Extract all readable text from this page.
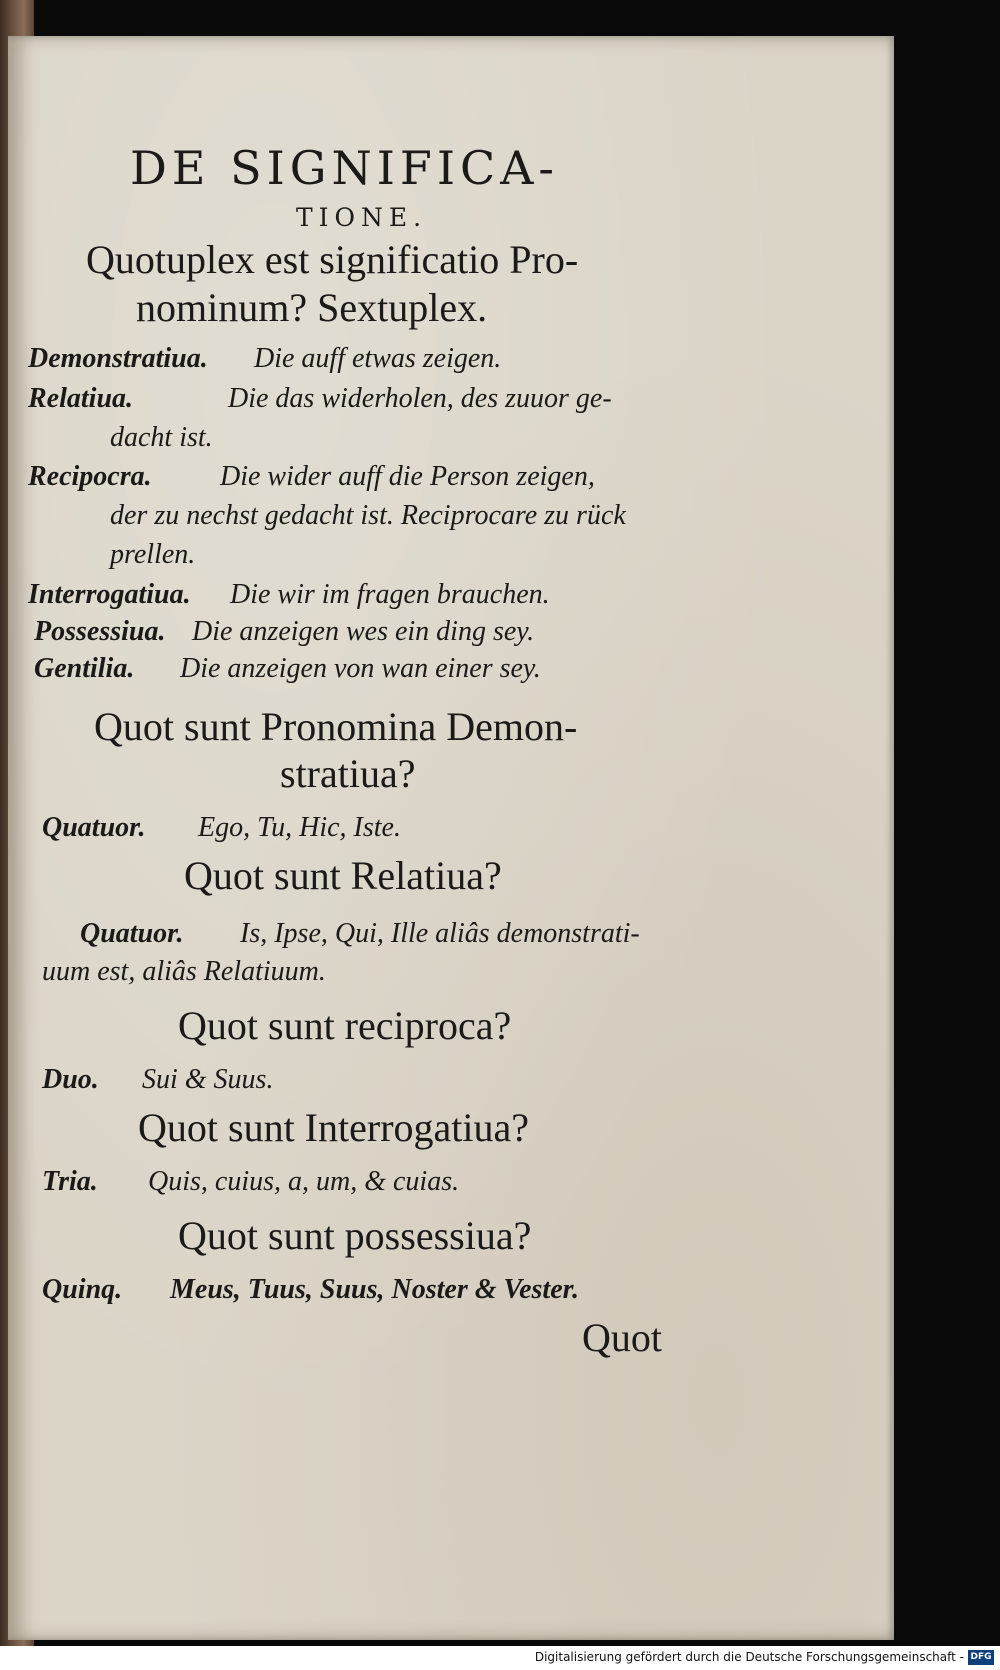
DE SIGNIFICA-
TIONE.
Quotuplex est significatio Pro-
nominum? Sextuplex.
Demonstratiua. Die auff etwas zeigen.
Relatiua.	Die das widerholen, des zuuor ge-
dacht ist.
Recipocra. Die wider auff die Person zeigen,
der zu nechst gedacht ist. Reciprocare zu rück
prellen.
Interrogatiua. Die wir im fragen brauchen.
Possessiua. Die anzeigen wes ein ding sey.
Gentilia. Die anzeigen von wan einer sey.
Quot sunt Pronomina Demon-
stratiua?
Quatuor. Ego, Tu, Hic, Iste.
Quot sunt Relatiua?
Quatuor. Is, Ipse, Qui, Ille aliâs demonstrati-
uum est, aliâs Relatiuum.
Quot sunt reciproca?
Duo. Sui & Suus.
Quot sunt Interrogatiua?
Tria. Quis, cuius, a, um, & cuias.
Quot sunt possessiua?
Quinq. Meus, Tuus, Suus, Noster & Vester.
Quot
Digitalisierung gefördert durch die Deutsche Forschungsgemeinschaft - DFG
